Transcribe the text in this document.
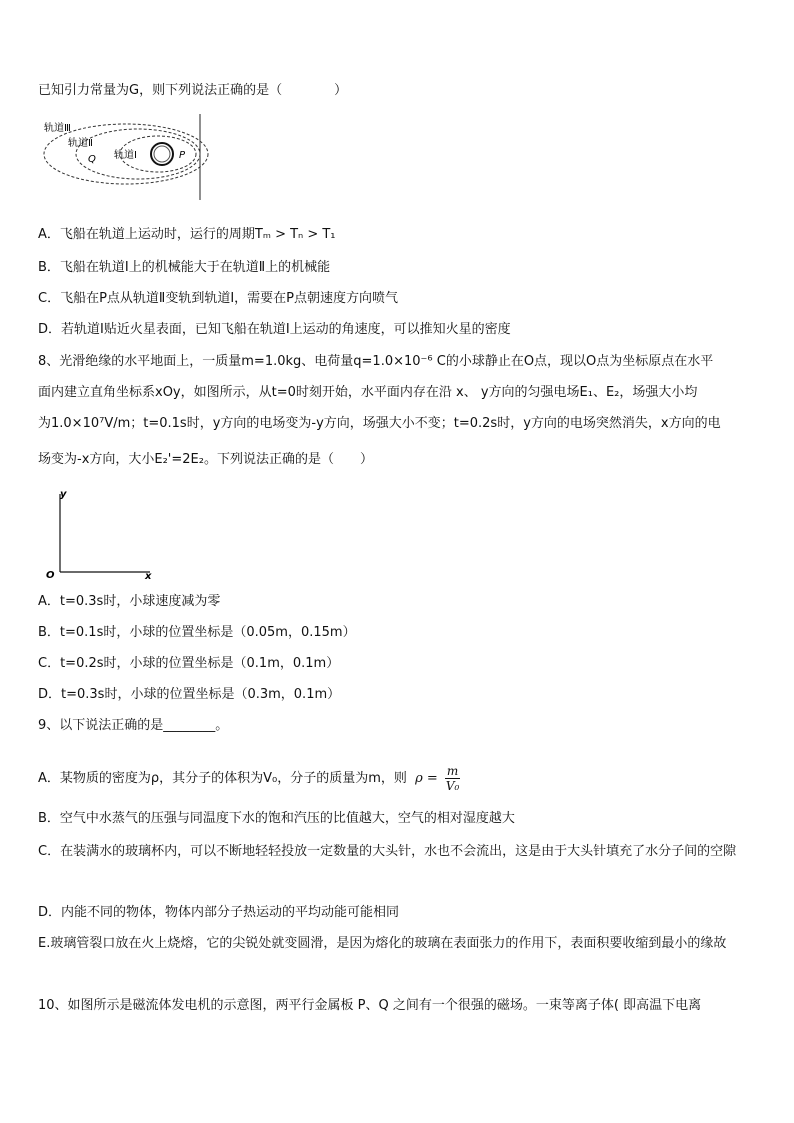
已知引力常量为G，则下列说法正确的是（　　　　）
轨道Ⅲ
轨道Ⅱ
轨道Ⅰ
Q	P
A．飞船在轨道上运动时，运行的周期Tₘ > Tₙ > T₁
B．飞船在轨道Ⅰ上的机械能大于在轨道Ⅱ上的机械能
C．飞船在P点从轨道Ⅱ变轨到轨道Ⅰ，需要在P点朝速度方向喷气
D．若轨道Ⅰ贴近火星表面，已知飞船在轨道Ⅰ上运动的角速度，可以推知火星的密度
8、光滑绝缘的水平地面上，一质量m=1.0kg、电荷量q=1.0×10⁻⁶ C的小球静止在O点，现以O点为坐标原点在水平
面内建立直角坐标系xOy，如图所示，从t=0时刻开始，水平面内存在沿 x、 y方向的匀强电场E₁、E₂，场强大小均
为1.0×10⁷V/m；t=0.1s时，y方向的电场变为-y方向，场强大小不变；t=0.2s时，y方向的电场突然消失，x方向的电
场变为-x方向，大小E₂'=2E₂。下列说法正确的是（　　）
y
O	x
A．t=0.3s时，小球速度减为零
B．t=0.1s时，小球的位置坐标是（0.05m，0.15m）
C．t=0.2s时，小球的位置坐标是（0.1m，0.1m）
D．t=0.3s时，小球的位置坐标是（0.3m，0.1m）
9、以下说法正确的是________。
A．某物质的密度为ρ，其分子的体积为V₀，分子的质量为m，则 $\rho = \frac{m}{\text{V₀}}$
B．空气中水蒸气的压强与同温度下水的饱和汽压的比值越大，空气的相对湿度越大
C．在装满水的玻璃杯内，可以不断地轻轻投放一定数量的大头针，水也不会流出，这是由于大头针填充了水分子间的空隙
D．内能不同的物体，物体内部分子热运动的平均动能可能相同
E.玻璃管裂口放在火上烧熔，它的尖锐处就变圆滑，是因为熔化的玻璃在表面张力的作用下，表面积要收缩到最小的缘故
10、如图所示是磁流体发电机的示意图，两平行金属板 P、Q 之间有一个很强的磁场。一束等离子体( 即高温下电离
